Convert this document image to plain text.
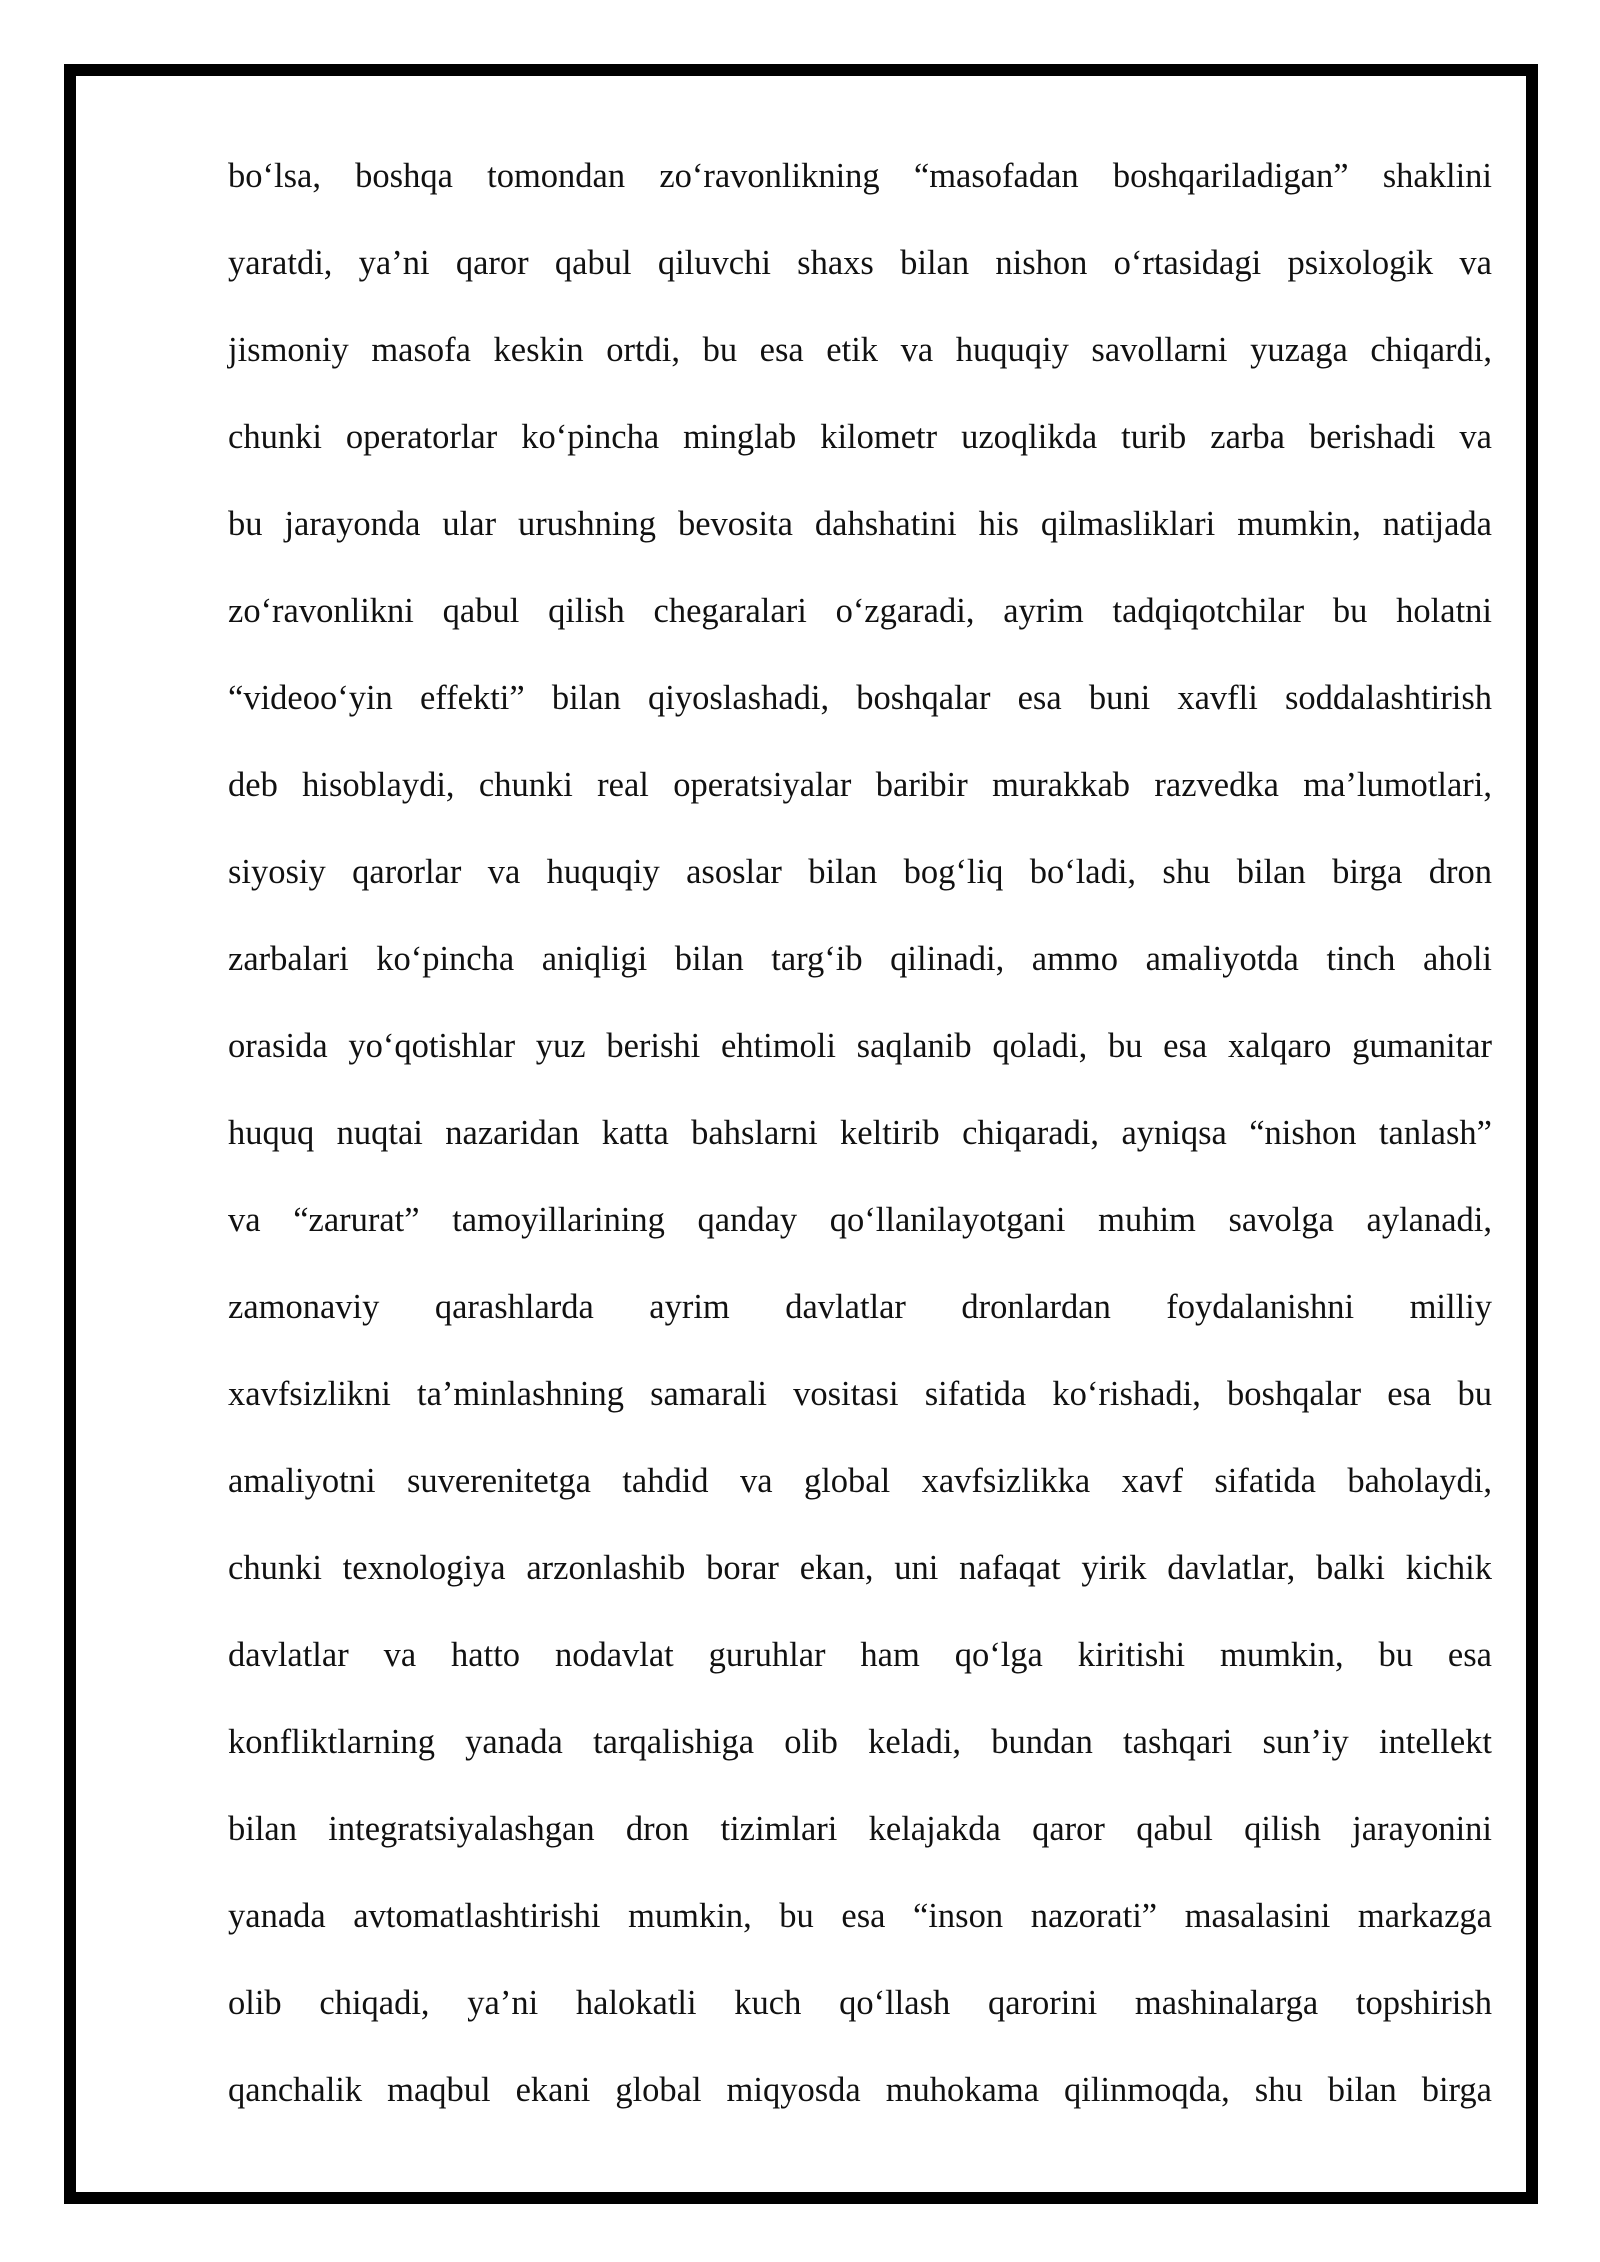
bo‘lsa, boshqa tomondan zo‘ravonlikning “masofadan boshqariladigan” shaklini
yaratdi, ya’ni qaror qabul qiluvchi shaxs bilan nishon o‘rtasidagi psixologik va
jismoniy masofa keskin ortdi, bu esa etik va huquqiy savollarni yuzaga chiqardi,
chunki operatorlar ko‘pincha minglab kilometr uzoqlikda turib zarba berishadi va
bu jarayonda ular urushning bevosita dahshatini his qilmasliklari mumkin, natijada
zo‘ravonlikni qabul qilish chegaralari o‘zgaradi, ayrim tadqiqotchilar bu holatni
“videoo‘yin effekti” bilan qiyoslashadi, boshqalar esa buni xavfli soddalashtirish
deb hisoblaydi, chunki real operatsiyalar baribir murakkab razvedka ma’lumotlari,
siyosiy qarorlar va huquqiy asoslar bilan bog‘liq bo‘ladi, shu bilan birga dron
zarbalari ko‘pincha aniqligi bilan targ‘ib qilinadi, ammo amaliyotda tinch aholi
orasida yo‘qotishlar yuz berishi ehtimoli saqlanib qoladi, bu esa xalqaro gumanitar
huquq nuqtai nazaridan katta bahslarni keltirib chiqaradi, ayniqsa “nishon tanlash”
va “zarurat” tamoyillarining qanday qo‘llanilayotgani muhim savolga aylanadi,
zamonaviy qarashlarda ayrim davlatlar dronlardan foydalanishni milliy
xavfsizlikni ta’minlashning samarali vositasi sifatida ko‘rishadi, boshqalar esa bu
amaliyotni suverenitetga tahdid va global xavfsizlikka xavf sifatida baholaydi,
chunki texnologiya arzonlashib borar ekan, uni nafaqat yirik davlatlar, balki kichik
davlatlar va hatto nodavlat guruhlar ham qo‘lga kiritishi mumkin, bu esa
konfliktlarning yanada tarqalishiga olib keladi, bundan tashqari sun’iy intellekt
bilan integratsiyalashgan dron tizimlari kelajakda qaror qabul qilish jarayonini
yanada avtomatlashtirishi mumkin, bu esa “inson nazorati” masalasini markazga
olib chiqadi, ya’ni halokatli kuch qo‘llash qarorini mashinalarga topshirish
qanchalik maqbul ekani global miqyosda muhokama qilinmoqda, shu bilan birga
